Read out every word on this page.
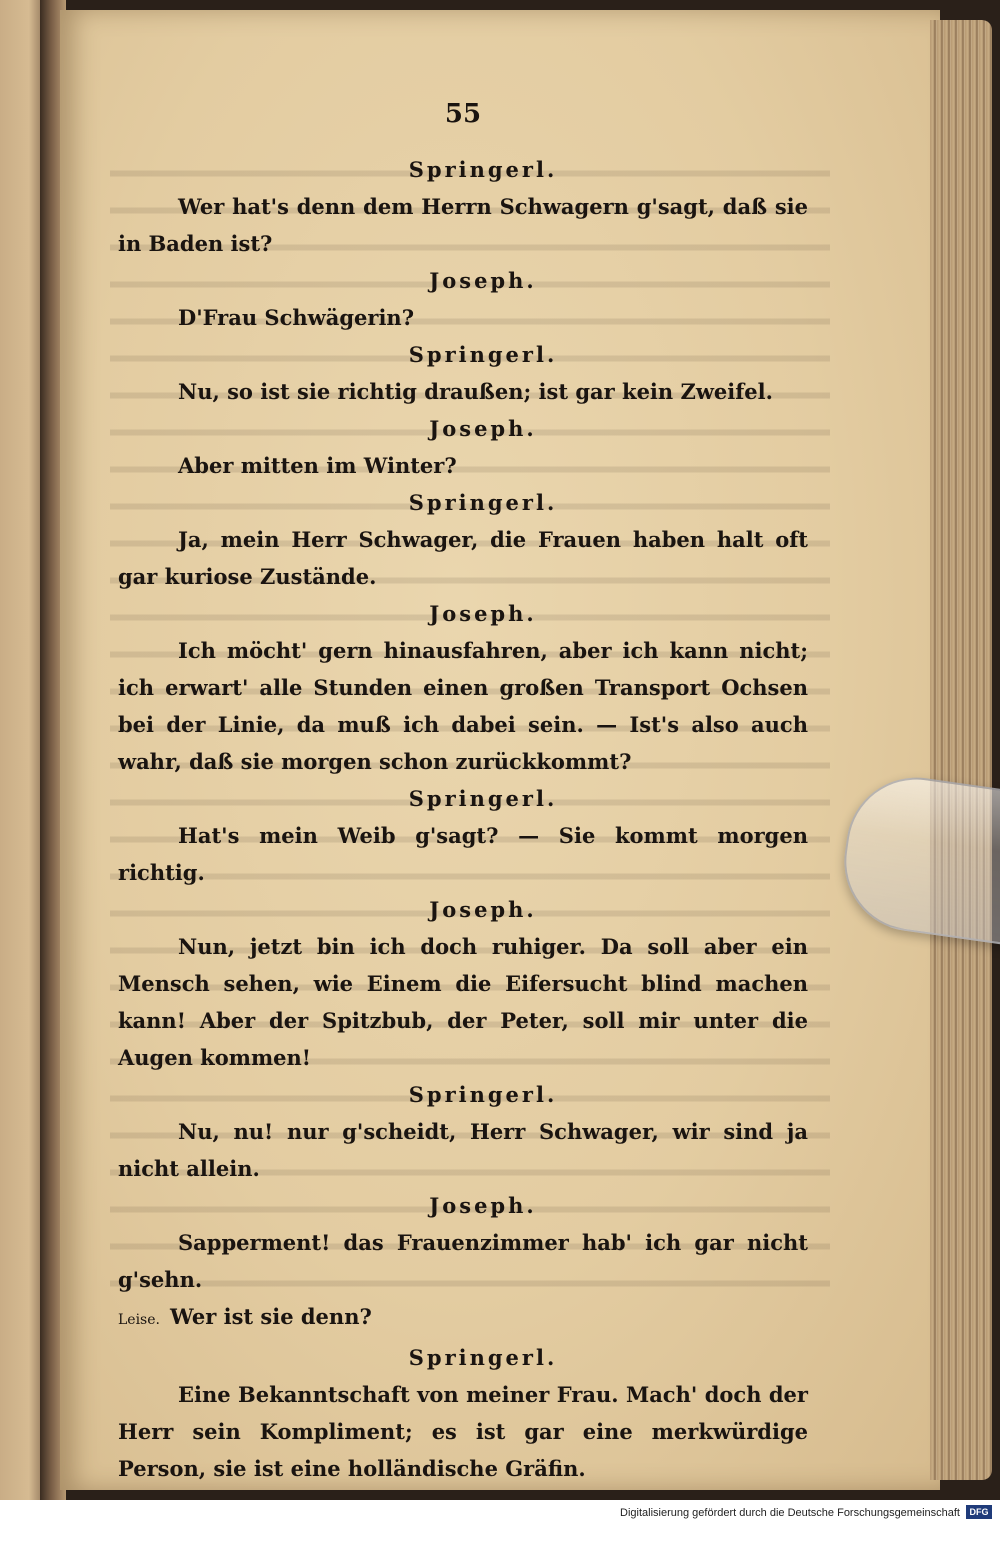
55
Springerl.
Wer hat's denn dem Herrn Schwagern g'sagt, daß sie in Baden ist?
Joseph.
D'Frau Schwägerin?
Springerl.
Nu, so ist sie richtig draußen; ist gar kein Zweifel.
Joseph.
Aber mitten im Winter?
Springerl.
Ja, mein Herr Schwager, die Frauen haben halt oft gar kuriose Zustände.
Joseph.
Ich möcht' gern hinausfahren, aber ich kann nicht; ich erwart' alle Stunden einen großen Transport Ochsen bei der Linie, da muß ich dabei sein. — Ist's also auch wahr, daß sie morgen schon zurückkommt?
Springerl.
Hat's mein Weib g'sagt? — Sie kommt morgen richtig.
Joseph.
Nun, jetzt bin ich doch ruhiger. Da soll aber ein Mensch sehen, wie Einem die Eifersucht blind machen kann! Aber der Spitzbub, der Peter, soll mir unter die Augen kommen!
Springerl.
Nu, nu! nur g'scheidt, Herr Schwager, wir sind ja nicht allein.
Joseph.
Sapperment! das Frauenzimmer hab' ich gar nicht g'sehn.
Leise. Wer ist sie denn?
Springerl.
Eine Bekanntschaft von meiner Frau. Mach' doch der Herr sein Kompliment; es ist gar eine merkwürdige Person, sie ist eine holländische Gräfin.
Digitalisierung gefördert durch die Deutsche Forschungsgemeinschaft	DFG
